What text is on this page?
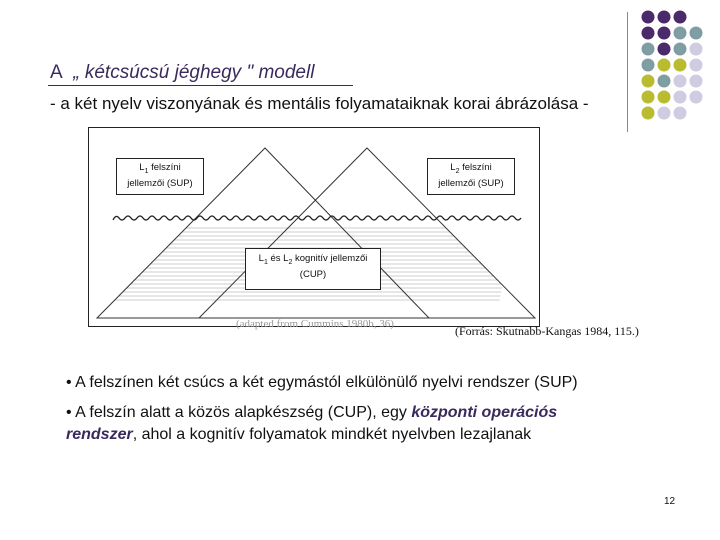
A „ kétcsúcsú jéghegy " modell
- a két nyelv viszonyának és mentális folyamataiknak korai ábrázolása -
$L_1$ felszíni
jellemzői (SUP)
$L_2$ felszíni
jellemzői (SUP)
$L_1$ és $L_2$ kognitív jellemzői
(CUP)
(adapted from Cummins 1980b, 36)	(Forrás: Skutnabb-Kangas 1984, 115.)
• A felszínen két csúcs a két egymástól elkülönülő nyelvi rendszer (SUP)
• A felszín alatt a közös alapkészség (CUP), egy központi operációs
rendszer, ahol a kognitív folyamatok mindkét nyelvben lezajlanak
12
